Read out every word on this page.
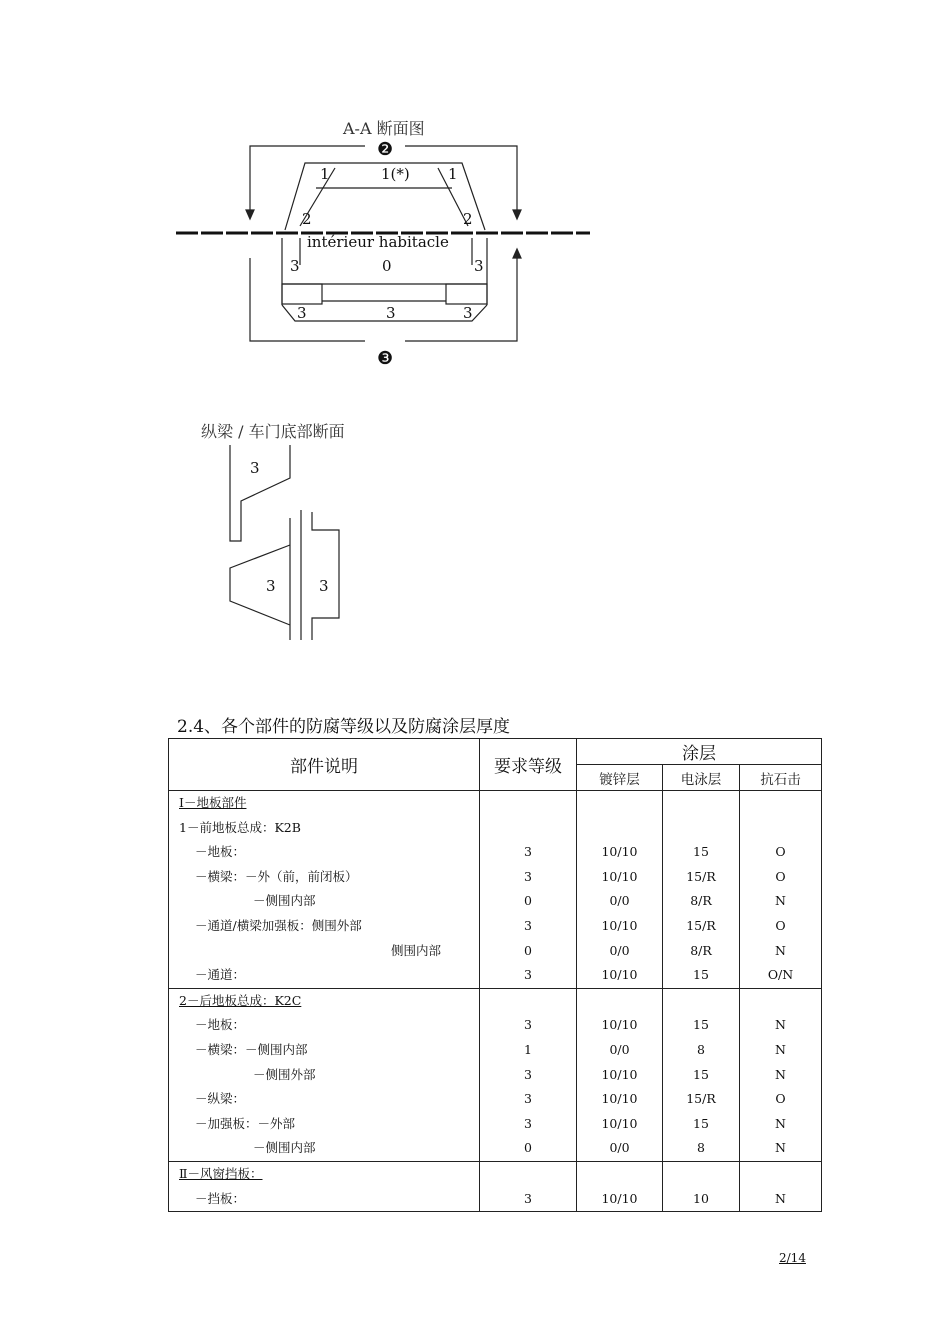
A-A 断面图
❷
❸
1	1(*)	1
2	2
intérieur habitacle
3	0	3
3	3	3
纵梁 / 车门底部断面
3
3	3
2.4、各个部件的防腐等级以及防腐涂层厚度
部件说明	要求等级	涂层		
		镀锌层	电泳层	抗石击
Ⅰ－地板部件				
1－前地板总成：K2B				
－地板：	3	10/10	15	O
－横梁：－外（前，前闭板）	3	10/10	15/R	O
－侧围内部	0	0/0	8/R	N
－通道/横梁加强板：侧围外部	3	10/10	15/R	O
侧围内部	0	0/0	8/R	N
－通道：	3	10/10	15	O/N
2－后地板总成：K2C				
－地板：	3	10/10	15	N
－横梁：－侧围内部	1	0/0	8	N
－侧围外部	3	10/10	15	N
－纵梁：	3	10/10	15/R	O
－加强板：－外部	3	10/10	15	N
－侧围内部	0	0/0	8	N
Ⅱ－风窗挡板：				
－挡板：	3	10/10	10	N
2/14
